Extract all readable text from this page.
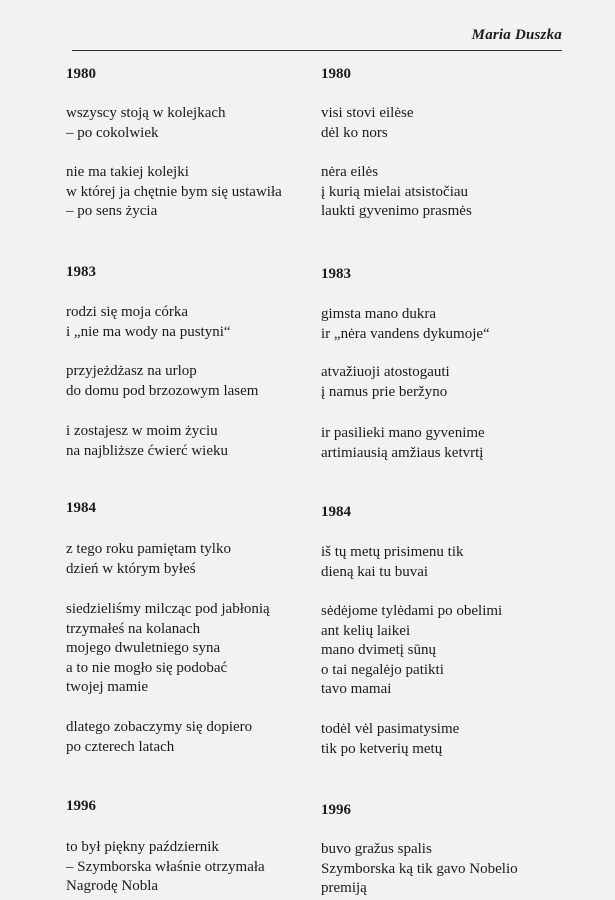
Maria Duszka
1980
wszyscy stoją w kolejkach
– po cokolwiek
nie ma takiej kolejki
w której ja chętnie bym się ustawiła
– po sens życia
1983
rodzi się moja córka
i „nie ma wody na pustyni“
przyjeżdżasz na urlop
do domu pod brzozowym lasem
i zostajesz w moim życiu
na najbliższe ćwierć wieku
1984
z tego roku pamiętam tylko
dzień w którym byłeś
siedzieliśmy milcząc pod jabłonią
trzymałeś na kolanach
mojego dwuletniego syna
a to nie mogło się podobać
twojej mamie
dlatego zobaczymy się dopiero
po czterech latach
1996
to był piękny październik
– Szymborska właśnie otrzymała
Nagrodę Nobla
1980
visi stovi eilėse
dėl ko nors
nėra eilės
į kurią mielai atsistočiau
laukti gyvenimo prasmės
1983
gimsta mano dukra
ir „nėra vandens dykumoje“
atvažiuoji atostogauti
į namus prie beržyno
ir pasilieki mano gyvenime
artimiausią amžiaus ketvrtį
1984
iš tų metų prisimenu tik
dieną kai tu buvai
sėdėjome tylėdami po obelimi
ant kelių laikei
mano dvimetį sūnų
o tai negalėjo patikti
tavo mamai
todėl vėl pasimatysime
tik po ketverių metų
1996
buvo gražus spalis
Szymborska ką tik gavo Nobelio
premiją
